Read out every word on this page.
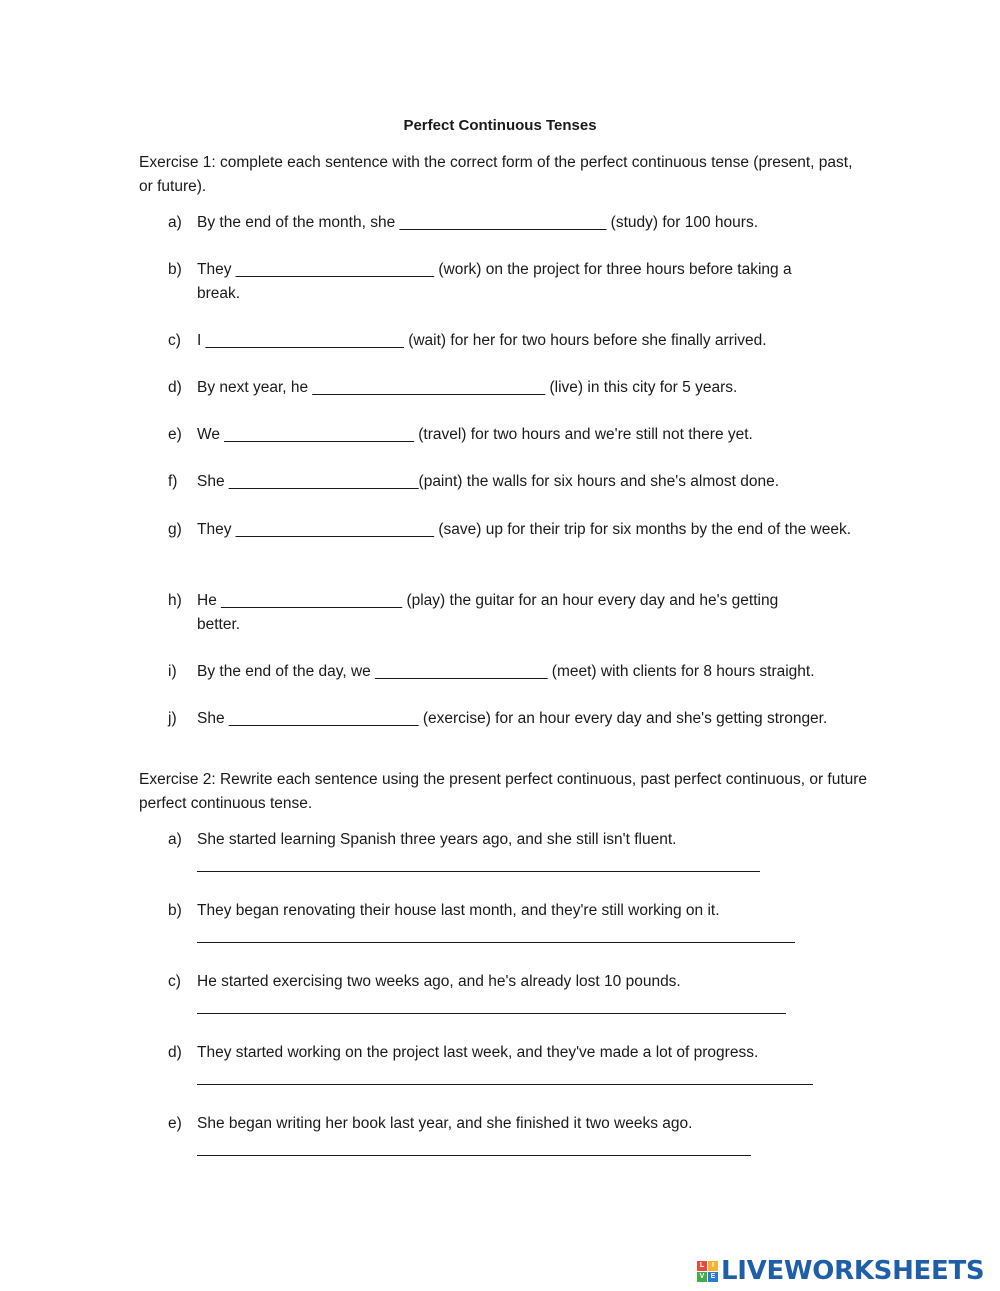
Perfect Continuous Tenses
Exercise 1: complete each sentence with the correct form of the perfect continuous tense (present, past, or future).
a) By the end of the month, she ________________________ (study) for 100 hours.
b) They _______________________ (work) on the project for three hours before taking a break.
c) I _______________________ (wait) for her for two hours before she finally arrived.
d) By next year, he ___________________________ (live) in this city for 5 years.
e) We ______________________ (travel) for two hours and we're still not there yet.
f) She ______________________(paint) the walls for six hours and she's almost done.
g) They _______________________ (save) up for their trip for six months by the end of the week.
h) He _____________________ (play) the guitar for an hour every day and he's getting better.
i) By the end of the day, we ____________________ (meet) with clients for 8 hours straight.
j) She ______________________ (exercise) for an hour every day and she's getting stronger.
Exercise 2: Rewrite each sentence using the present perfect continuous, past perfect continuous, or future perfect continuous tense.
a) She started learning Spanish three years ago, and she still isn't fluent.
b) They began renovating their house last month, and they're still working on it.
c) He started exercising two weeks ago, and he's already lost 10 pounds.
d) They started working on the project last week, and they've made a lot of progress.
e) She began writing her book last year, and she finished it two weeks ago.
L	I
V E LIVEWORKSHEETS
